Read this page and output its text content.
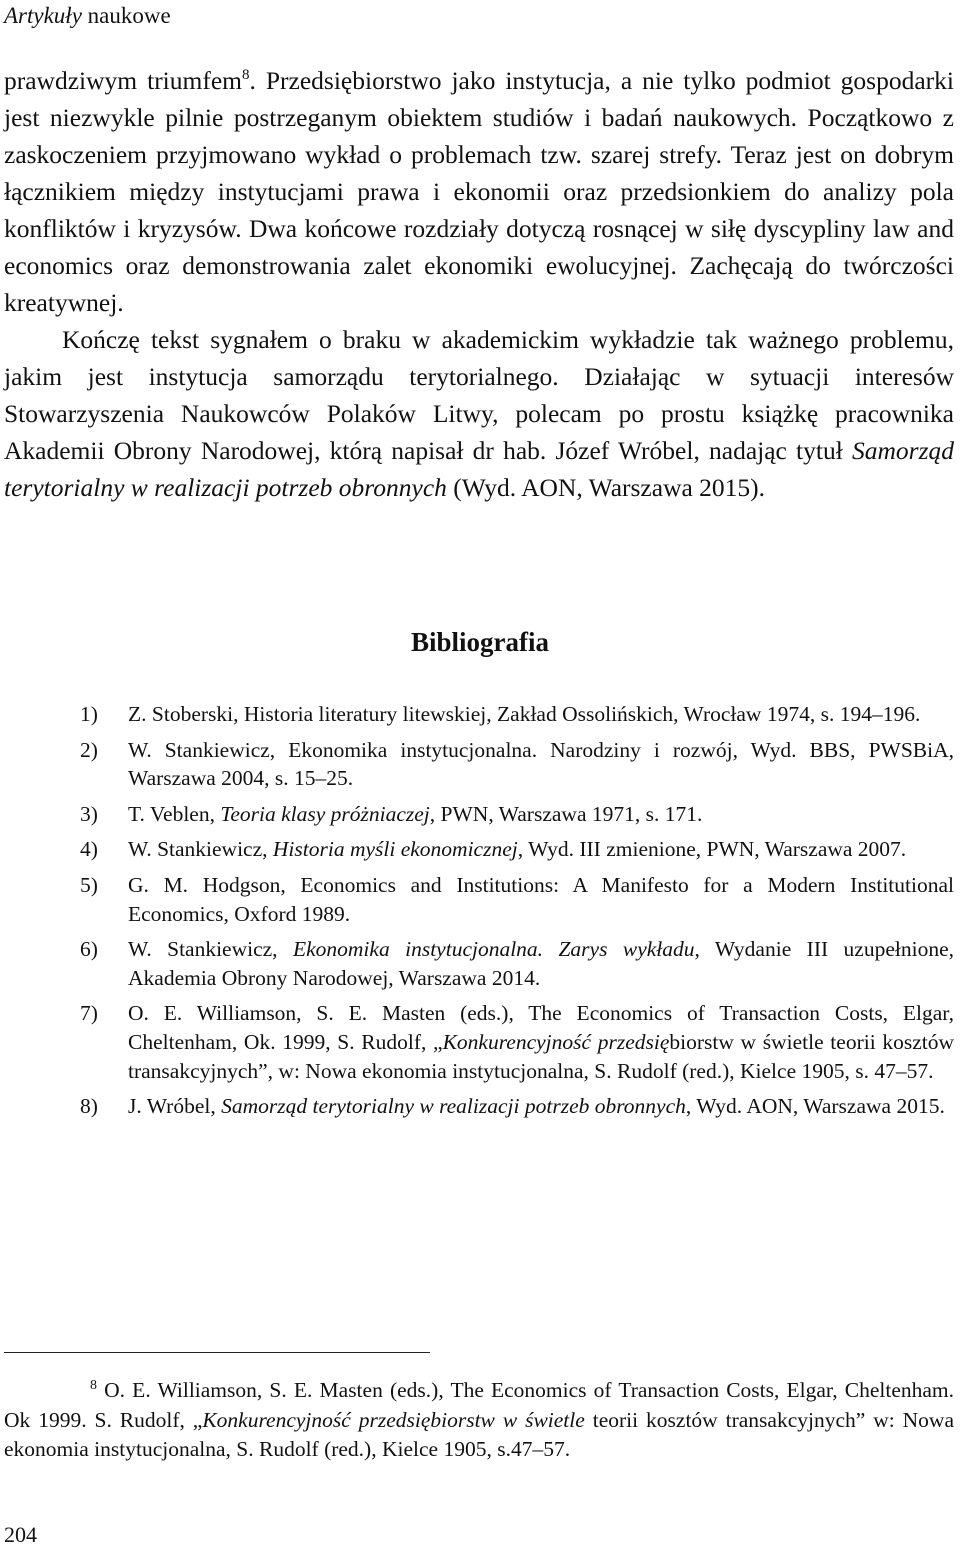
Artykuły naukowe

prawdziwym triumfem$^8$. Przedsiębiorstwo jako instytucja, a nie tylko podmiot gospodarki jest niezwykle pilnie postrzeganym obiektem studiów i badań naukowych. Początkowo z zaskoczeniem przyjmowano wykład o problemach tzw. szarej strefy. Teraz jest on dobrym łącznikiem między instytucjami prawa i ekonomii oraz przedsionkiem do analizy pola konfliktów i kryzysów. Dwa końcowe rozdziały dotyczą rosnącej w siłę dyscypliny law and economics oraz demonstrowania zalet ekonomiki ewolucyjnej. Zachęcają do twórczości kreatywnej.

Kończę tekst sygnałem o braku w akademickim wykładzie tak ważnego problemu, jakim jest instytucja samorządu terytorialnego. Działając w sytuacji interesów Stowarzyszenia Naukowców Polaków Litwy, polecam po prostu książkę pracownika Akademii Obrony Narodowej, którą napisał dr hab. Józef Wróbel, nadając tytuł Samorząd terytorialny w realizacji potrzeb obronnych (Wyd. AON, Warszawa 2015).

Bibliografia
1) Z. Stoberski, Historia literatury litewskiej, Zakład Ossolińskich, Wrocław 1974, s. 194–196.
2) W. Stankiewicz, Ekonomika instytucjonalna. Narodziny i rozwój, Wyd. BBS, PWSBiA, Warszawa 2004, s. 15–25.
3) T. Veblen, Teoria klasy próżniaczej, PWN, Warszawa 1971, s. 171.
4) W. Stankiewicz, Historia myśli ekonomicznej, Wyd. III zmienione, PWN, Warszawa 2007.
5) G. M. Hodgson, Economics and Institutions: A Manifesto for a Modern Institutional Economics, Oxford 1989.
6) W. Stankiewicz, Ekonomika instytucjonalna. Zarys wykładu, Wydanie III uzupełnione, Akademia Obrony Narodowej, Warszawa 2014.
7) O. E. Williamson, S. E. Masten (eds.), The Economics of Transaction Costs, Elgar, Cheltenham, Ok. 1999, S. Rudolf, „Konkurencyjność przedsiębiorstw w świetle teorii kosztów transakcyjnych”, w: Nowa ekonomia instytucjonalna, S. Rudolf (red.), Kielce 1905, s. 47–57.
8) J. Wróbel, Samorząd terytorialny w realizacji potrzeb obronnych, Wyd. AON, Warszawa 2015.

$^8$ O. E. Williamson, S. E. Masten (eds.), The Economics of Transaction Costs, Elgar, Cheltenham. Ok 1999. S. Rudolf, „Konkurencyjność przedsiębiorstw w świetle teorii kosztów transakcyjnych” w: Nowa ekonomia instytucjonalna, S. Rudolf (red.), Kielce 1905, s.47–57.

204
